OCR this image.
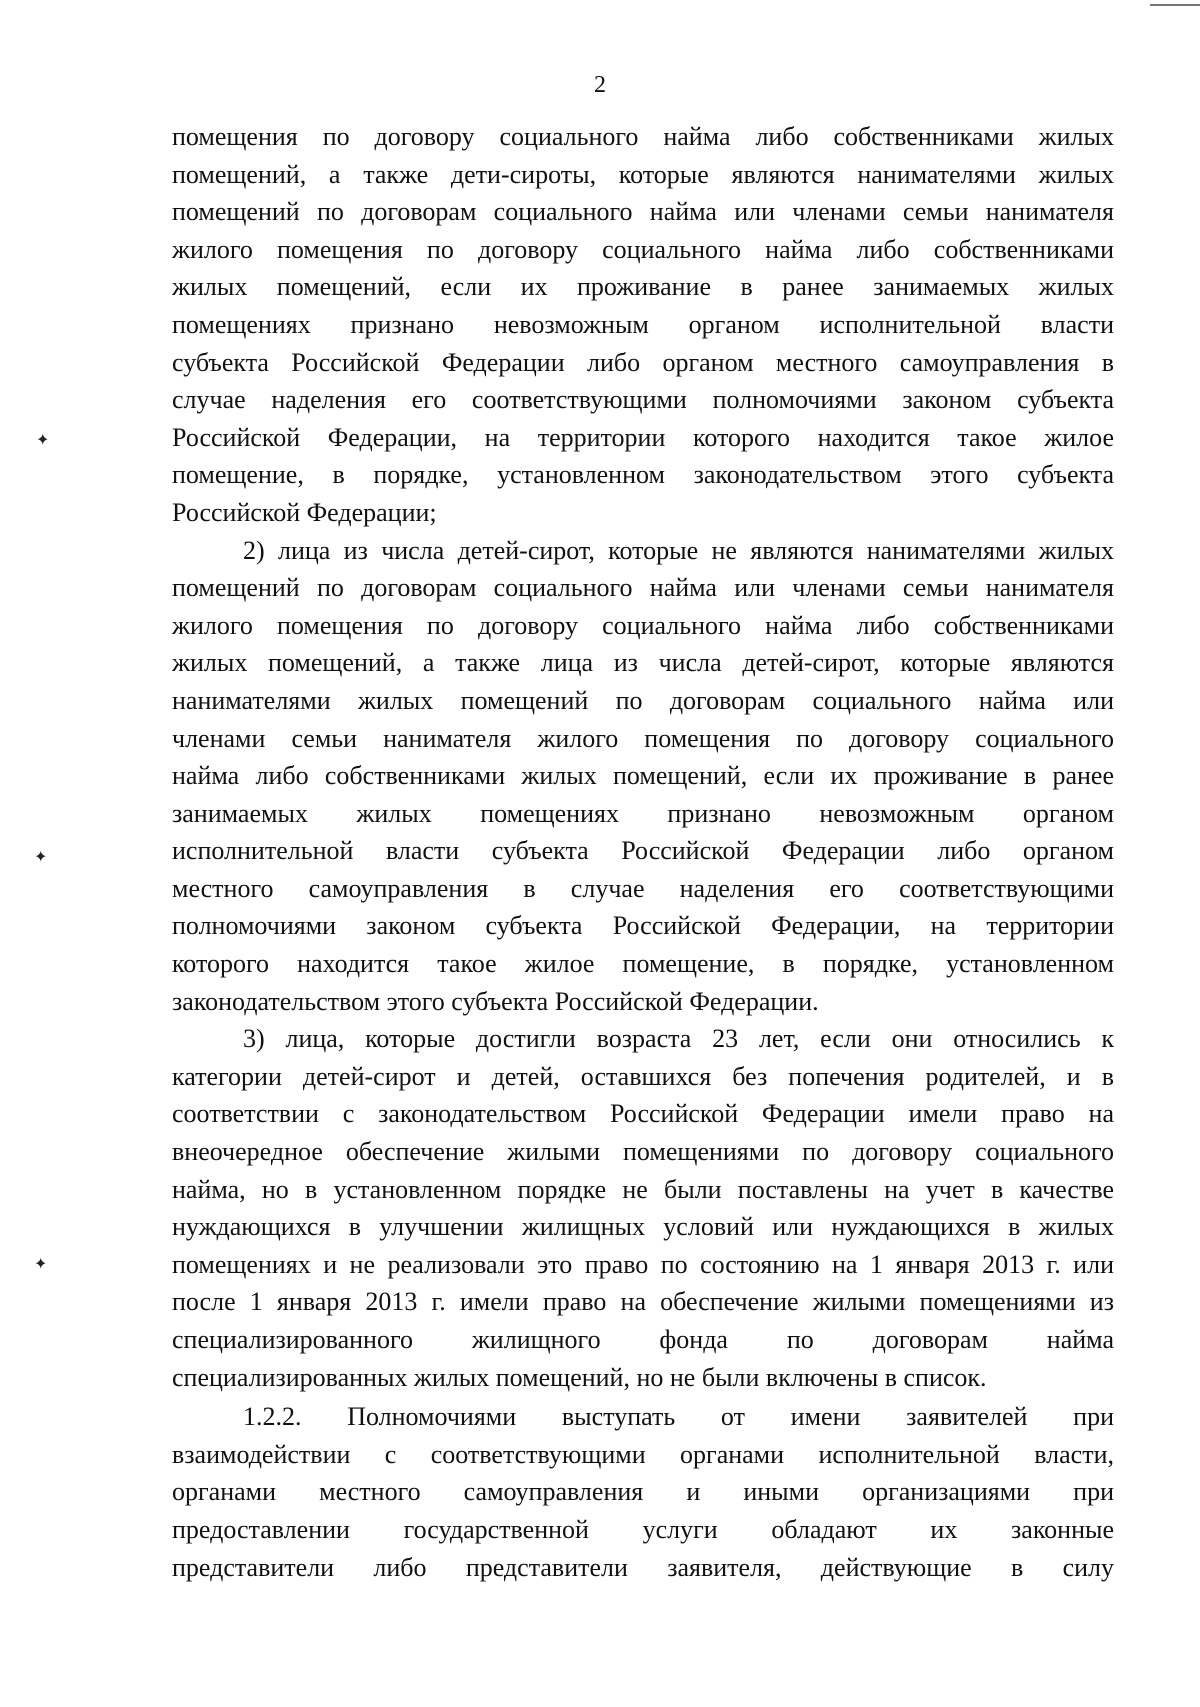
2

помещения по договору социального найма либо собственниками жилых

помещений, а также дети-сироты, которые являются нанимателями жилых

помещений по договорам социального найма или членами семьи нанимателя

жилого помещения по договору социального найма либо собственниками

жилых помещений, если их проживание в ранее занимаемых жилых

помещениях признано невозможным органом исполнительной власти

субъекта Российской Федерации либо органом местного самоуправления в

случае наделения его соответствующими полномочиями законом субъекта

Российской Федерации, на территории которого находится такое жилое

помещение, в порядке, установленном законодательством этого субъекта

Российской Федерации;

2) лица из числа детей-сирот, которые не являются нанимателями жилых

помещений по договорам социального найма или членами семьи нанимателя

жилого помещения по договору социального найма либо собственниками

жилых помещений, а также лица из числа детей-сирот, которые являются

нанимателями жилых помещений по договорам социального найма или

членами семьи нанимателя жилого помещения по договору социального

найма либо собственниками жилых помещений, если их проживание в ранее

занимаемых жилых помещениях признано невозможным органом

исполнительной власти субъекта Российской Федерации либо органом

местного самоуправления в случае наделения его соответствующими

полномочиями законом субъекта Российской Федерации, на территории

которого находится такое жилое помещение, в порядке, установленном

законодательством этого субъекта Российской Федерации.

3) лица, которые достигли возраста 23 лет, если они относились к

категории детей-сирот и детей, оставшихся без попечения родителей, и в

соответствии с законодательством Российской Федерации имели право на

внеочередное обеспечение жилыми помещениями по договору социального

найма, но в установленном порядке не были поставлены на учет в качестве

нуждающихся в улучшении жилищных условий или нуждающихся в жилых

помещениях и не реализовали это право по состоянию на 1 января 2013 г. или

после 1 января 2013 г. имели право на обеспечение жилыми помещениями из

специализированного жилищного фонда по договорам найма

специализированных жилых помещений, но не были включены в список.

1.2.2. Полномочиями выступать от имени заявителей при

взаимодействии с соответствующими органами исполнительной власти,

органами местного самоуправления и иными организациями при

предоставлении государственной услуги обладают их законные

представители либо представители заявителя, действующие в силу

✦
✦
✦
